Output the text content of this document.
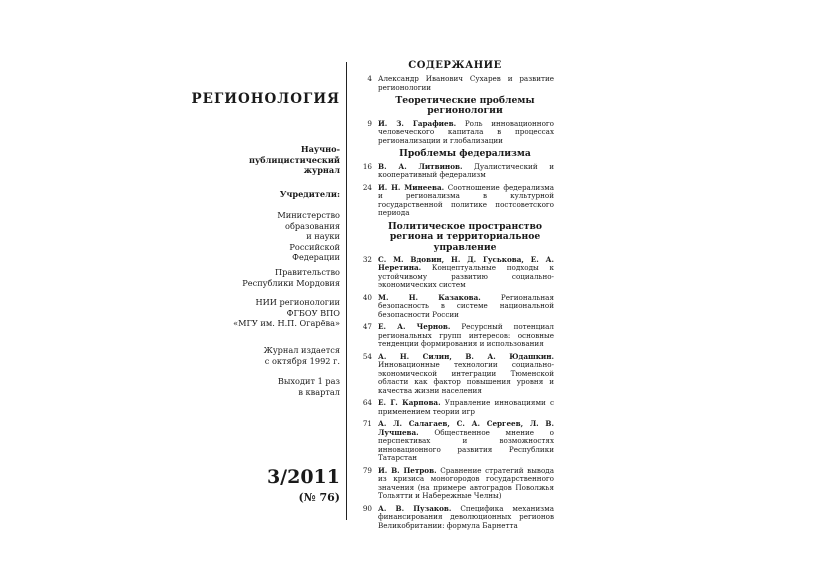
РЕГИОНОЛОГИЯ
Научно-
публицистический
журнал
Учредители:
Министерство
образования
и науки
Российской
Федерации
Правительство
Республики Мордовия
НИИ регионологии
ФГБОУ ВПО
«МГУ им. Н.П. Огарёва»
Журнал издается
с октября 1992 г.
Выходит 1 раз
в квартал
3/2011
(№ 76)
СОДЕРЖАНИЕ
4 Александр Иванович Сухарев и развитие регионологии
Теоретические проблемы регионологии
9 И. З. Гарафиев. Роль инновационного человеческого капитала в процессах регионализации и глобализации
Проблемы федерализма
16 В. А. Литвинов. Дуалистический и кооперативный федерализм
24 И. Н. Минеева. Соотношение федерализма и регионализма в культурной государственной политике постсоветского периода
Политическое пространство региона и территориальное управление
32 С. М. Вдовин, Н. Д. Гуськова, Е. А. Неретина. Концептуальные подходы к устойчивому развитию социально-экономических систем
40 М. Н. Казакова.	Региональная безопасность в системе национальной безопасности России
47 Е. А. Чернов. Ресурсный потенциал региональных групп интересов: основные тенденции формирования и использования
54 А. Н. Силин, В. А. Юдашкин. Инновационные технологии социально-экономической интеграции Тюменской области как фактор повышения уровня и качества жизни населения
64 Е. Г. Карпова. Управление инновациями с применением теории игр
71 А. Л. Салагаев, С. А. Сергеев, Л. В. Лучшева. Общественное мнение о перспективах и возможностях инновационного развития Республики Татарстан
79 И. В. Петров. Сравнение стратегий вывода из кризиса моногородов государственного значения (на примере автоградов Поволжья Тольятти и Набережные Челны)
90 А. В. Пузаков. Специфика механизма финансирования деволюционных регионов Великобритании: формула Барнетта
